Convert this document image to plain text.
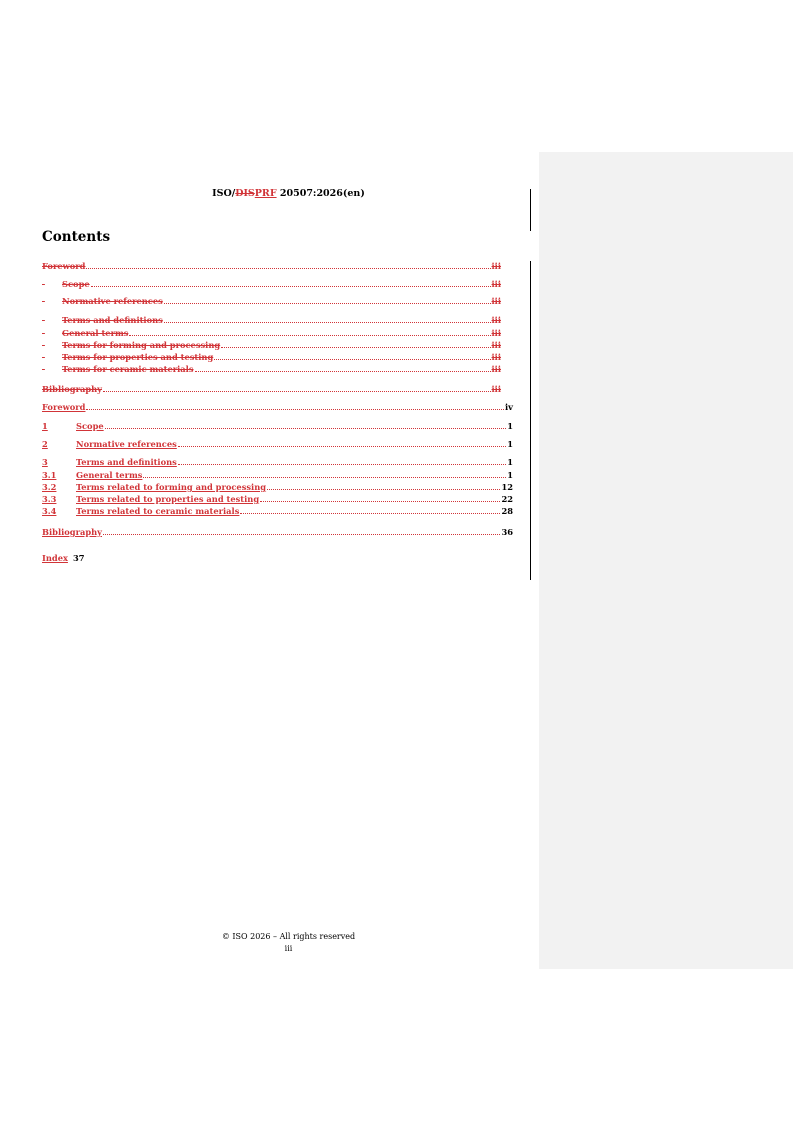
ISO/DISPRF 20507:2026(en)
Contents
Foreword	iii

Scope	iii

Normative references	iii

Terms and definitions	iii

General terms	iii

Terms for forming and processing	iii

Terms for properties and testing	iii

Terms for ceramic materials	iii
Bibliography	iii
Foreword	iv
1	Scope	1
2	Normative references	1
3	Terms and definitions	1
3.1	General terms	1
3.2	Terms related to forming and processing	12
3.3	Terms related to properties and testing	22
3.4	Terms related to ceramic materials	28
Bibliography	36
Index 37
© ISO 2026 – All rights reserved
iii
